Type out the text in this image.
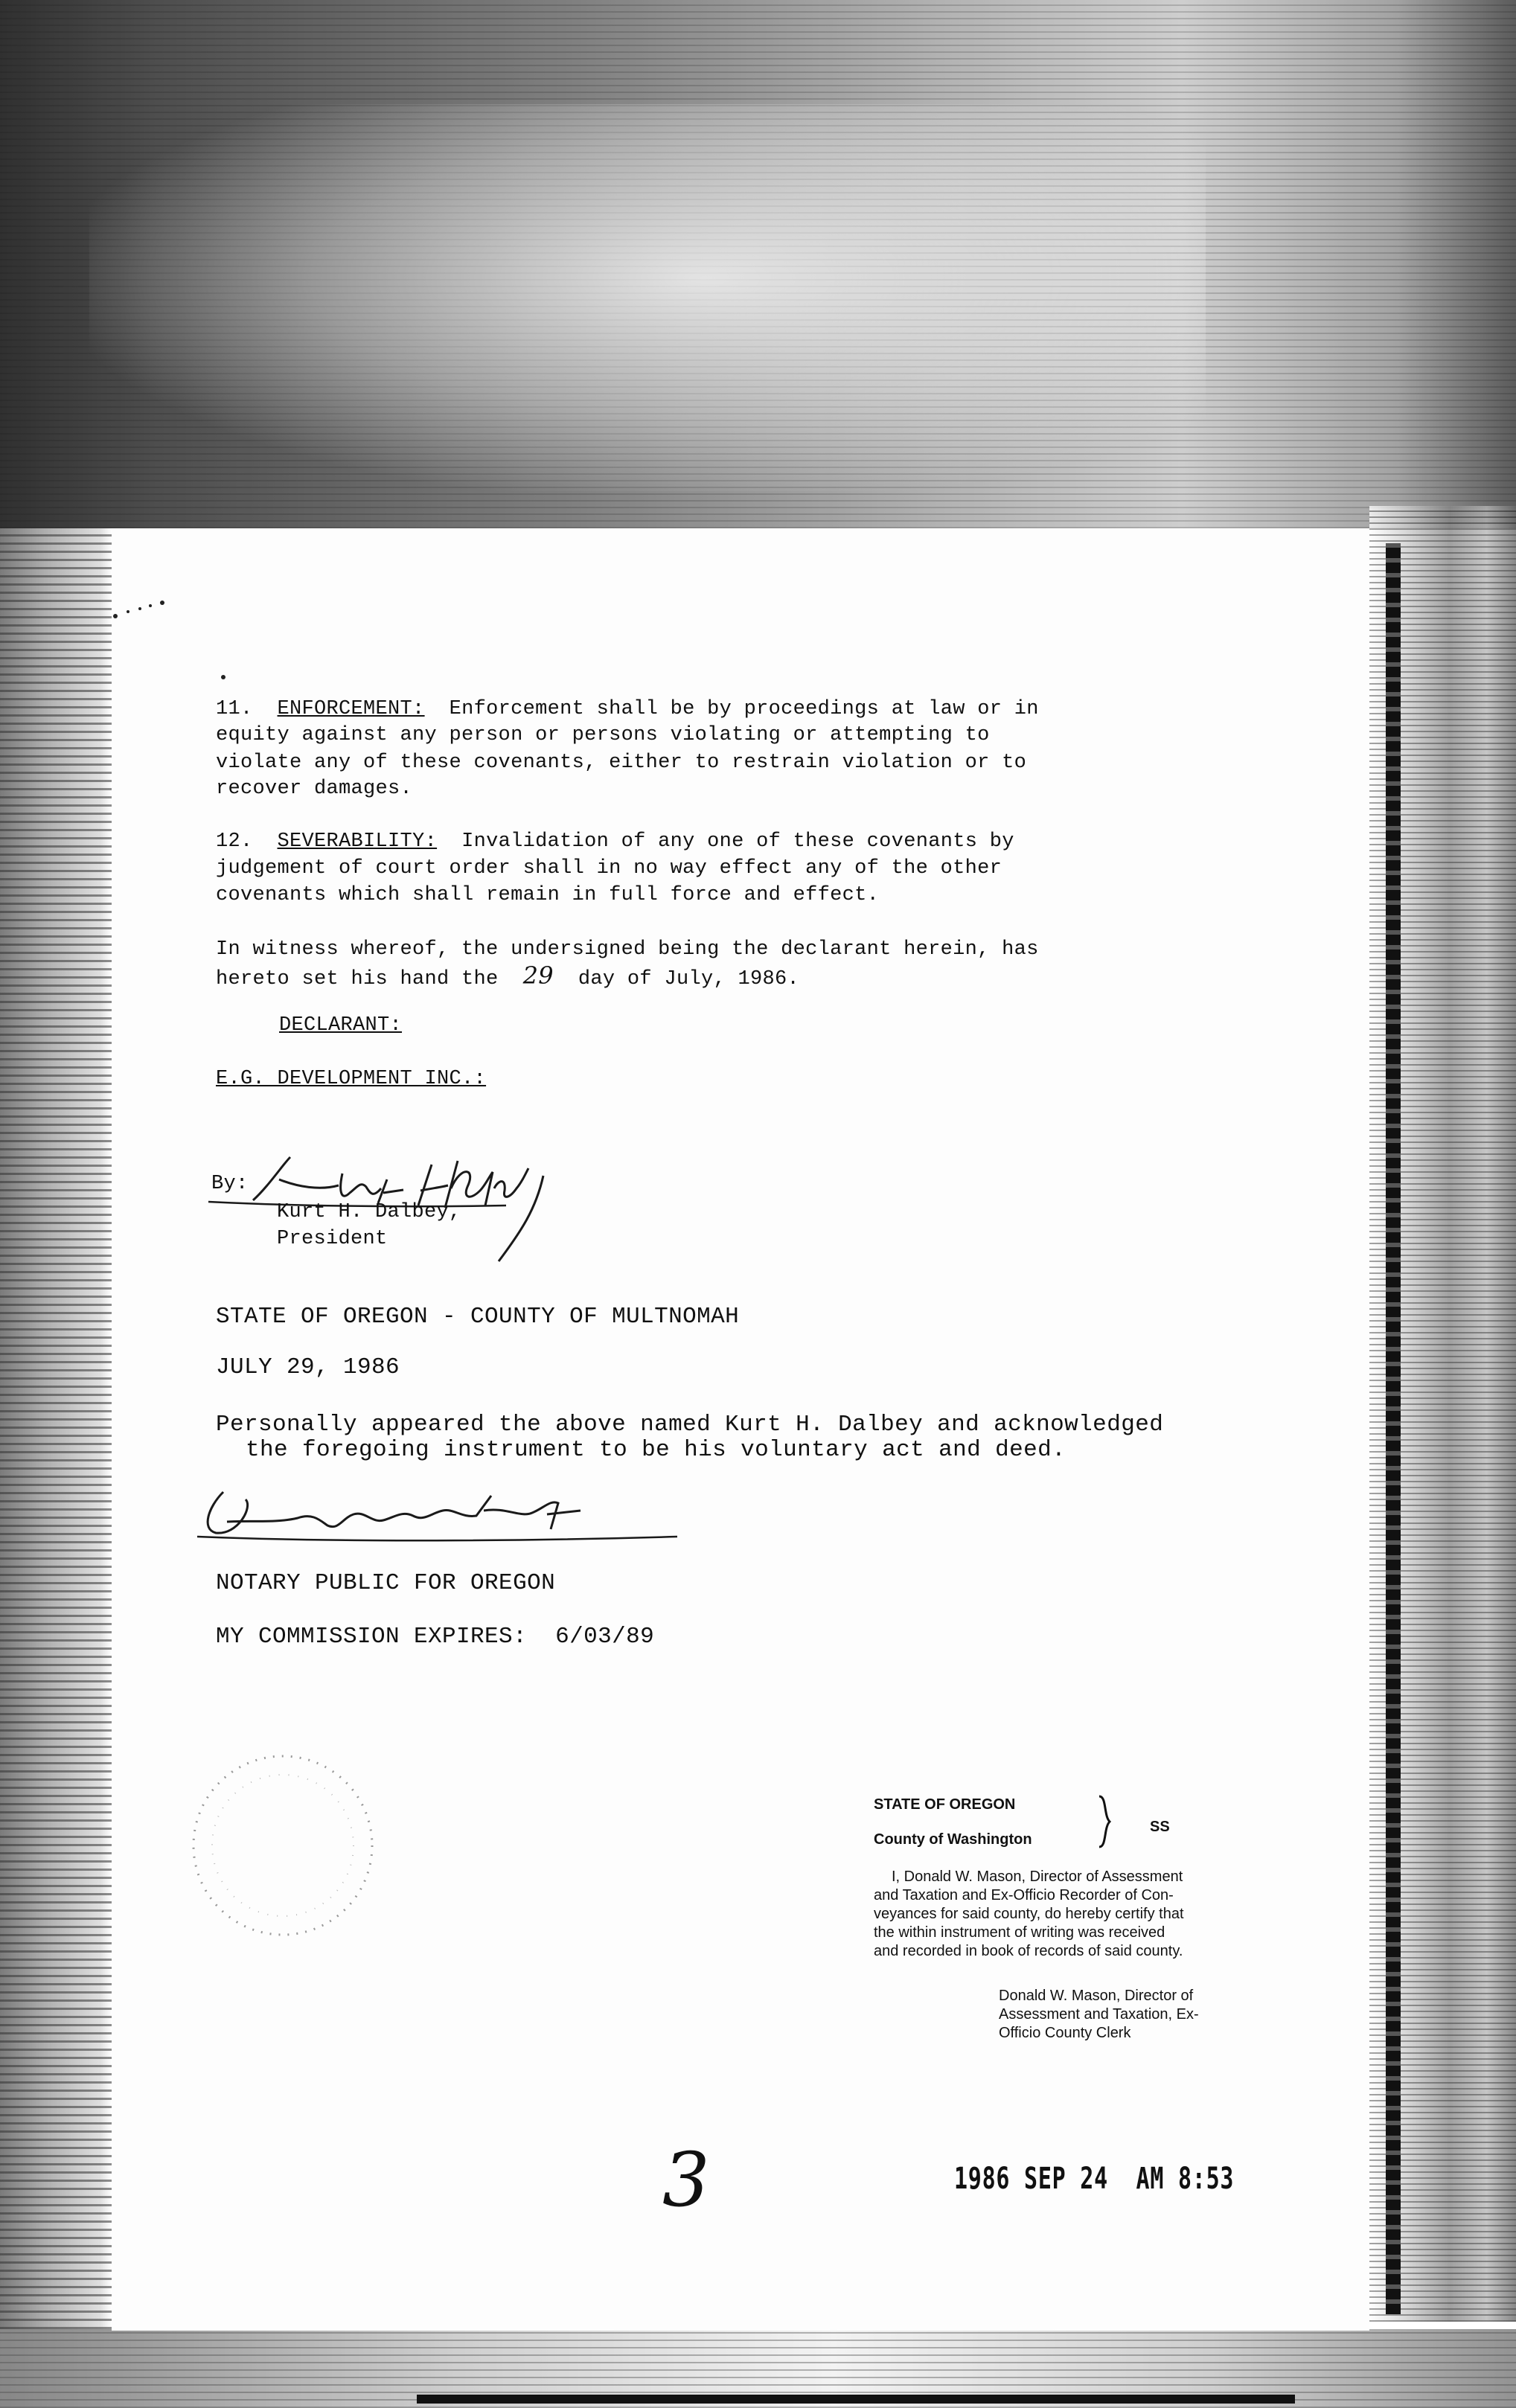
11. ENFORCEMENT: Enforcement shall be by proceedings at law or in
equity against any person or persons violating or attempting to
violate any of these covenants, either to restrain violation or to
recover damages.
12. SEVERABILITY: Invalidation of any one of these covenants by
judgement of court order shall in no way effect any of the other
covenants which shall remain in full force and effect.
In witness whereof, the undersigned being the declarant herein, has
hereto set his hand the 29 day of July, 1986.
DECLARANT:
E.G. DEVELOPMENT INC.:
By:
Kurt H. Dalbey,
President
STATE OF OREGON - COUNTY OF MULTNOMAH
JULY 29, 1986
Personally appeared the above named Kurt H. Dalbey and acknowledged
the foregoing instrument to be his voluntary act and deed.
NOTARY PUBLIC FOR OREGON
MY COMMISSION EXPIRES: 6/03/89
STATE OF OREGON
County of Washington
SS
I, Donald W. Mason, Director of Assessment
and Taxation and Ex-Officio Recorder of Con-
veyances for said county, do hereby certify that
the within instrument of writing was received
and recorded in book of records of said county.
Donald W. Mason, Director of
Assessment and Taxation, Ex-
Officio County Clerk
3	1986 SEP 24  AM 8:53
